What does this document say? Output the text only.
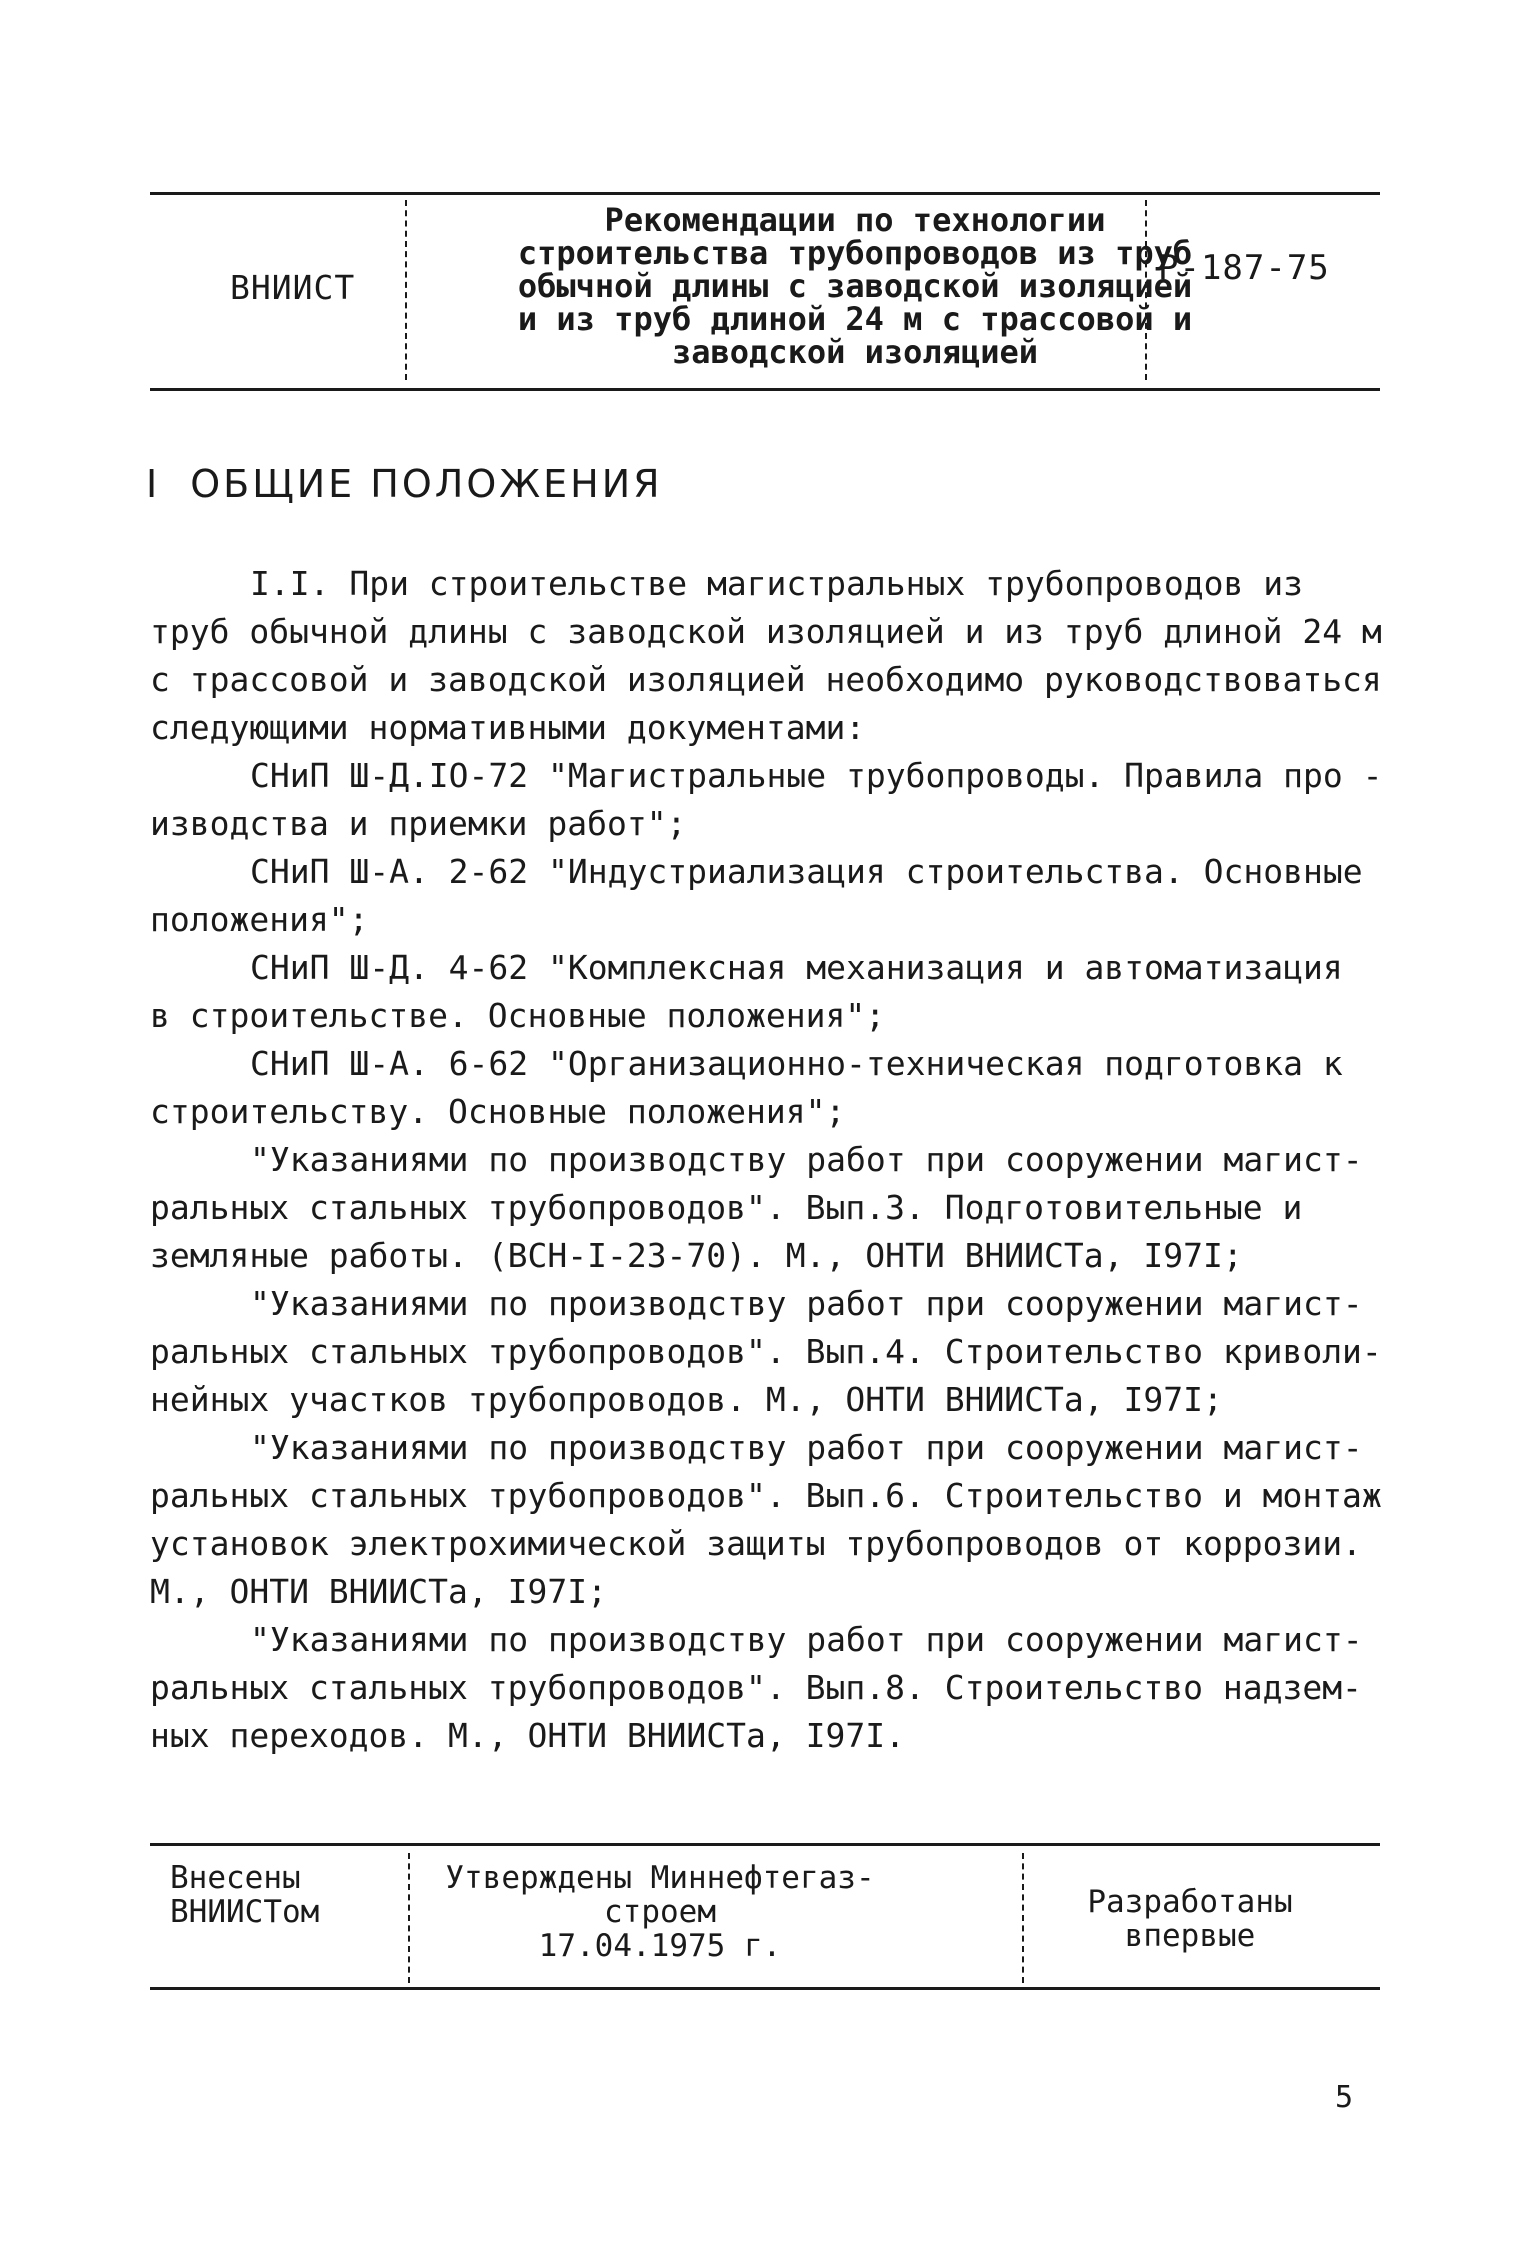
ВНИИСТ
Рекомендации по технологии
строительства трубопроводов из труб
обычной длины с заводской изоляцией
и из труб длиной 24 м с трассовой и
заводской изоляцией
Р-187-75
I ОБЩИЕ ПОЛОЖЕНИЯ

I.I. При строительстве магистральных трубопроводов из

труб обычной длины с заводской изоляцией и из труб длиной 24 м

с трассовой и заводской изоляцией необходимо руководствоваться

следующими нормативными документами:

СНиП Ш-Д.IO-72 "Магистральные трубопроводы. Правила про -

изводства и приемки работ";

СНиП Ш-А. 2-62 "Индустриализация строительства. Основные

положения";

СНиП Ш-Д. 4-62 "Комплексная механизация и автоматизация

в строительстве. Основные положения";

СНиП Ш-А. 6-62 "Организационно-техническая подготовка к

строительству. Основные положения";

"Указаниями по производству работ при сооружении магист-

ральных стальных трубопроводов". Вып.3. Подготовительные и

земляные работы. (ВСН-I-23-70). М., ОНТИ ВНИИСТа, I97I;

"Указаниями по производству работ при сооружении магист-

ральных стальных трубопроводов". Вып.4. Строительство криволи-

нейных участков трубопроводов. М., ОНТИ ВНИИСТа, I97I;

"Указаниями по производству работ при сооружении магист-

ральных стальных трубопроводов". Вып.6. Строительство и монтаж

установок электрохимической защиты трубопроводов от коррозии.

М., ОНТИ ВНИИСТа, I97I;

"Указаниями по производству работ при сооружении магист-

ральных стальных трубопроводов". Вып.8. Строительство надзем-

ных переходов. М., ОНТИ ВНИИСТа, I97I.

Внесены
ВНИИСТом
Утверждены Миннефтегаз-
строем
17.04.1975 г.
Разработаны
впервые
5
